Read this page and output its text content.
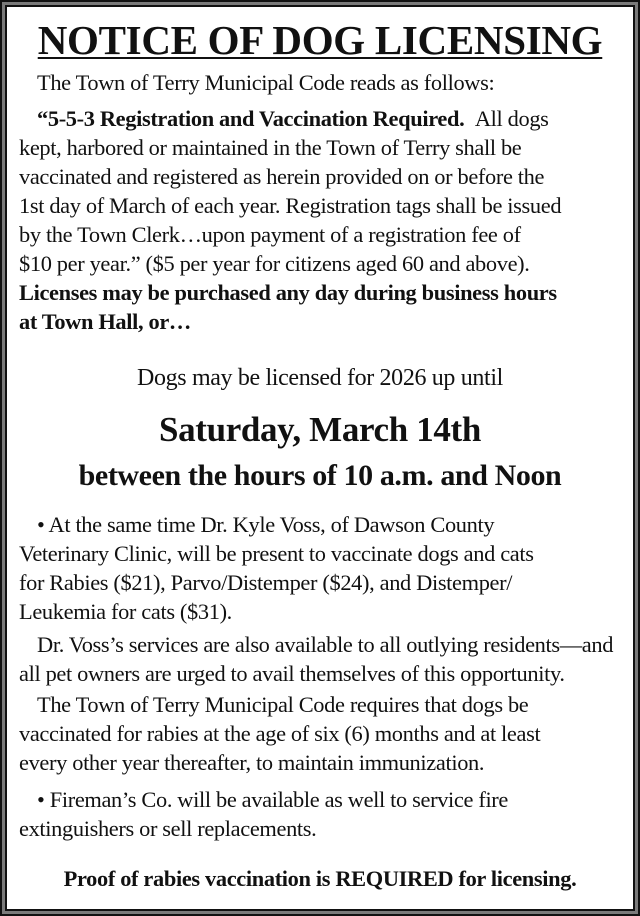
NOTICE OF DOG LICENSING
The Town of Terry Municipal Code reads as follows:
“5-5-3 Registration and Vaccination Required. All dogs
kept, harbored or maintained in the Town of Terry shall be
vaccinated and registered as herein provided on or before the
1st day of March of each year. Registration tags shall be issued
by the Town Clerk…upon payment of a registration fee of
$10 per year.” ($5 per year for citizens aged 60 and above).
Licenses may be purchased any day during business hours
at Town Hall, or…
Dogs may be licensed for 2026 up until
Saturday, March 14th
between the hours of 10 a.m. and Noon
• At the same time Dr. Kyle Voss, of Dawson County
Veterinary Clinic, will be present to vaccinate dogs and cats
for Rabies ($21), Parvo/Distemper ($24), and Distemper/
Leukemia for cats ($31).
Dr. Voss’s services are also available to all outlying residents—and
all pet owners are urged to avail themselves of this opportunity.
The Town of Terry Municipal Code requires that dogs be
vaccinated for rabies at the age of six (6) months and at least
every other year thereafter, to maintain immunization.
• Fireman’s Co. will be available as well to service fire
extinguishers or sell replacements.
Proof of rabies vaccination is REQUIRED for licensing.
